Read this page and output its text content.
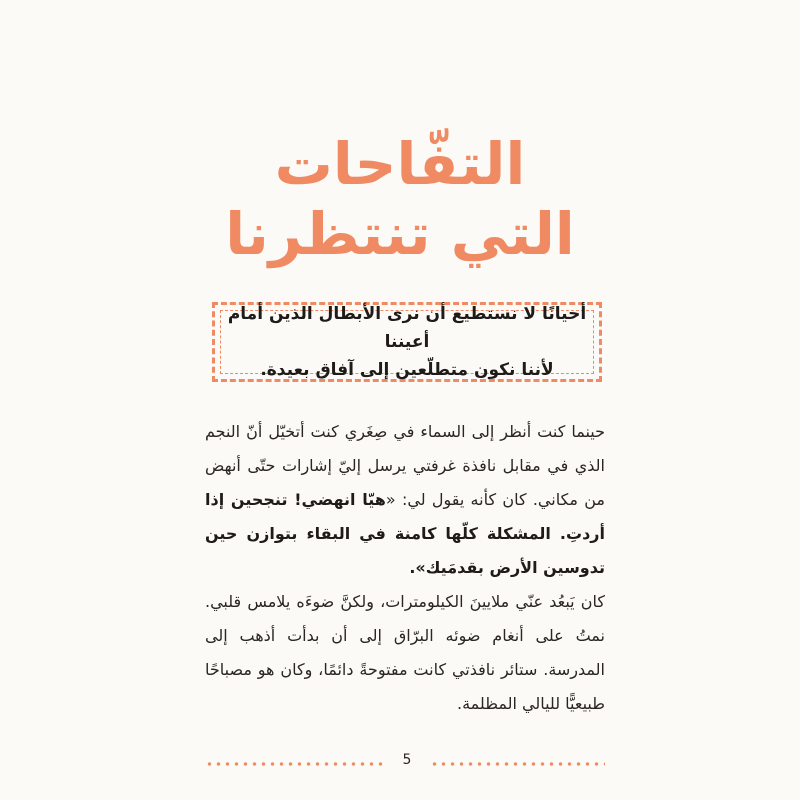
التفّاحات
التي تنتظرنا
أحيانًا لا نستطيع أن نرى الأبطال الذين أمام أعيننا
لأننا نكون متطلّعين إلى آفاق بعيدة.

حينما كنت أنظر إلى السماء في صِغَري كنت أتخيّل أنّ النجم الذي في مقابل نافذة غرفتي يرسل إليّ إشارات حتّى أنهض من مكاني. كان كأنه يقول لي: «هيّا انهضي! تنجحين إذا أردتِ. المشكلة كلّها كامنة في البقاء بتوازن حين تدوسين الأرض بقدمَيك».

كان يَبعُد عنّي ملايينَ الكيلومترات، ولكنَّ ضوءَه يلامس قلبي. نمتُ على أنغام ضوئه البرّاق إلى أن بدأت أذهب إلى المدرسة. ستائر نافذتي كانت مفتوحةً دائمًا، وكان هو مصباحًا طبيعيًّا لليالي المظلمة.

5
